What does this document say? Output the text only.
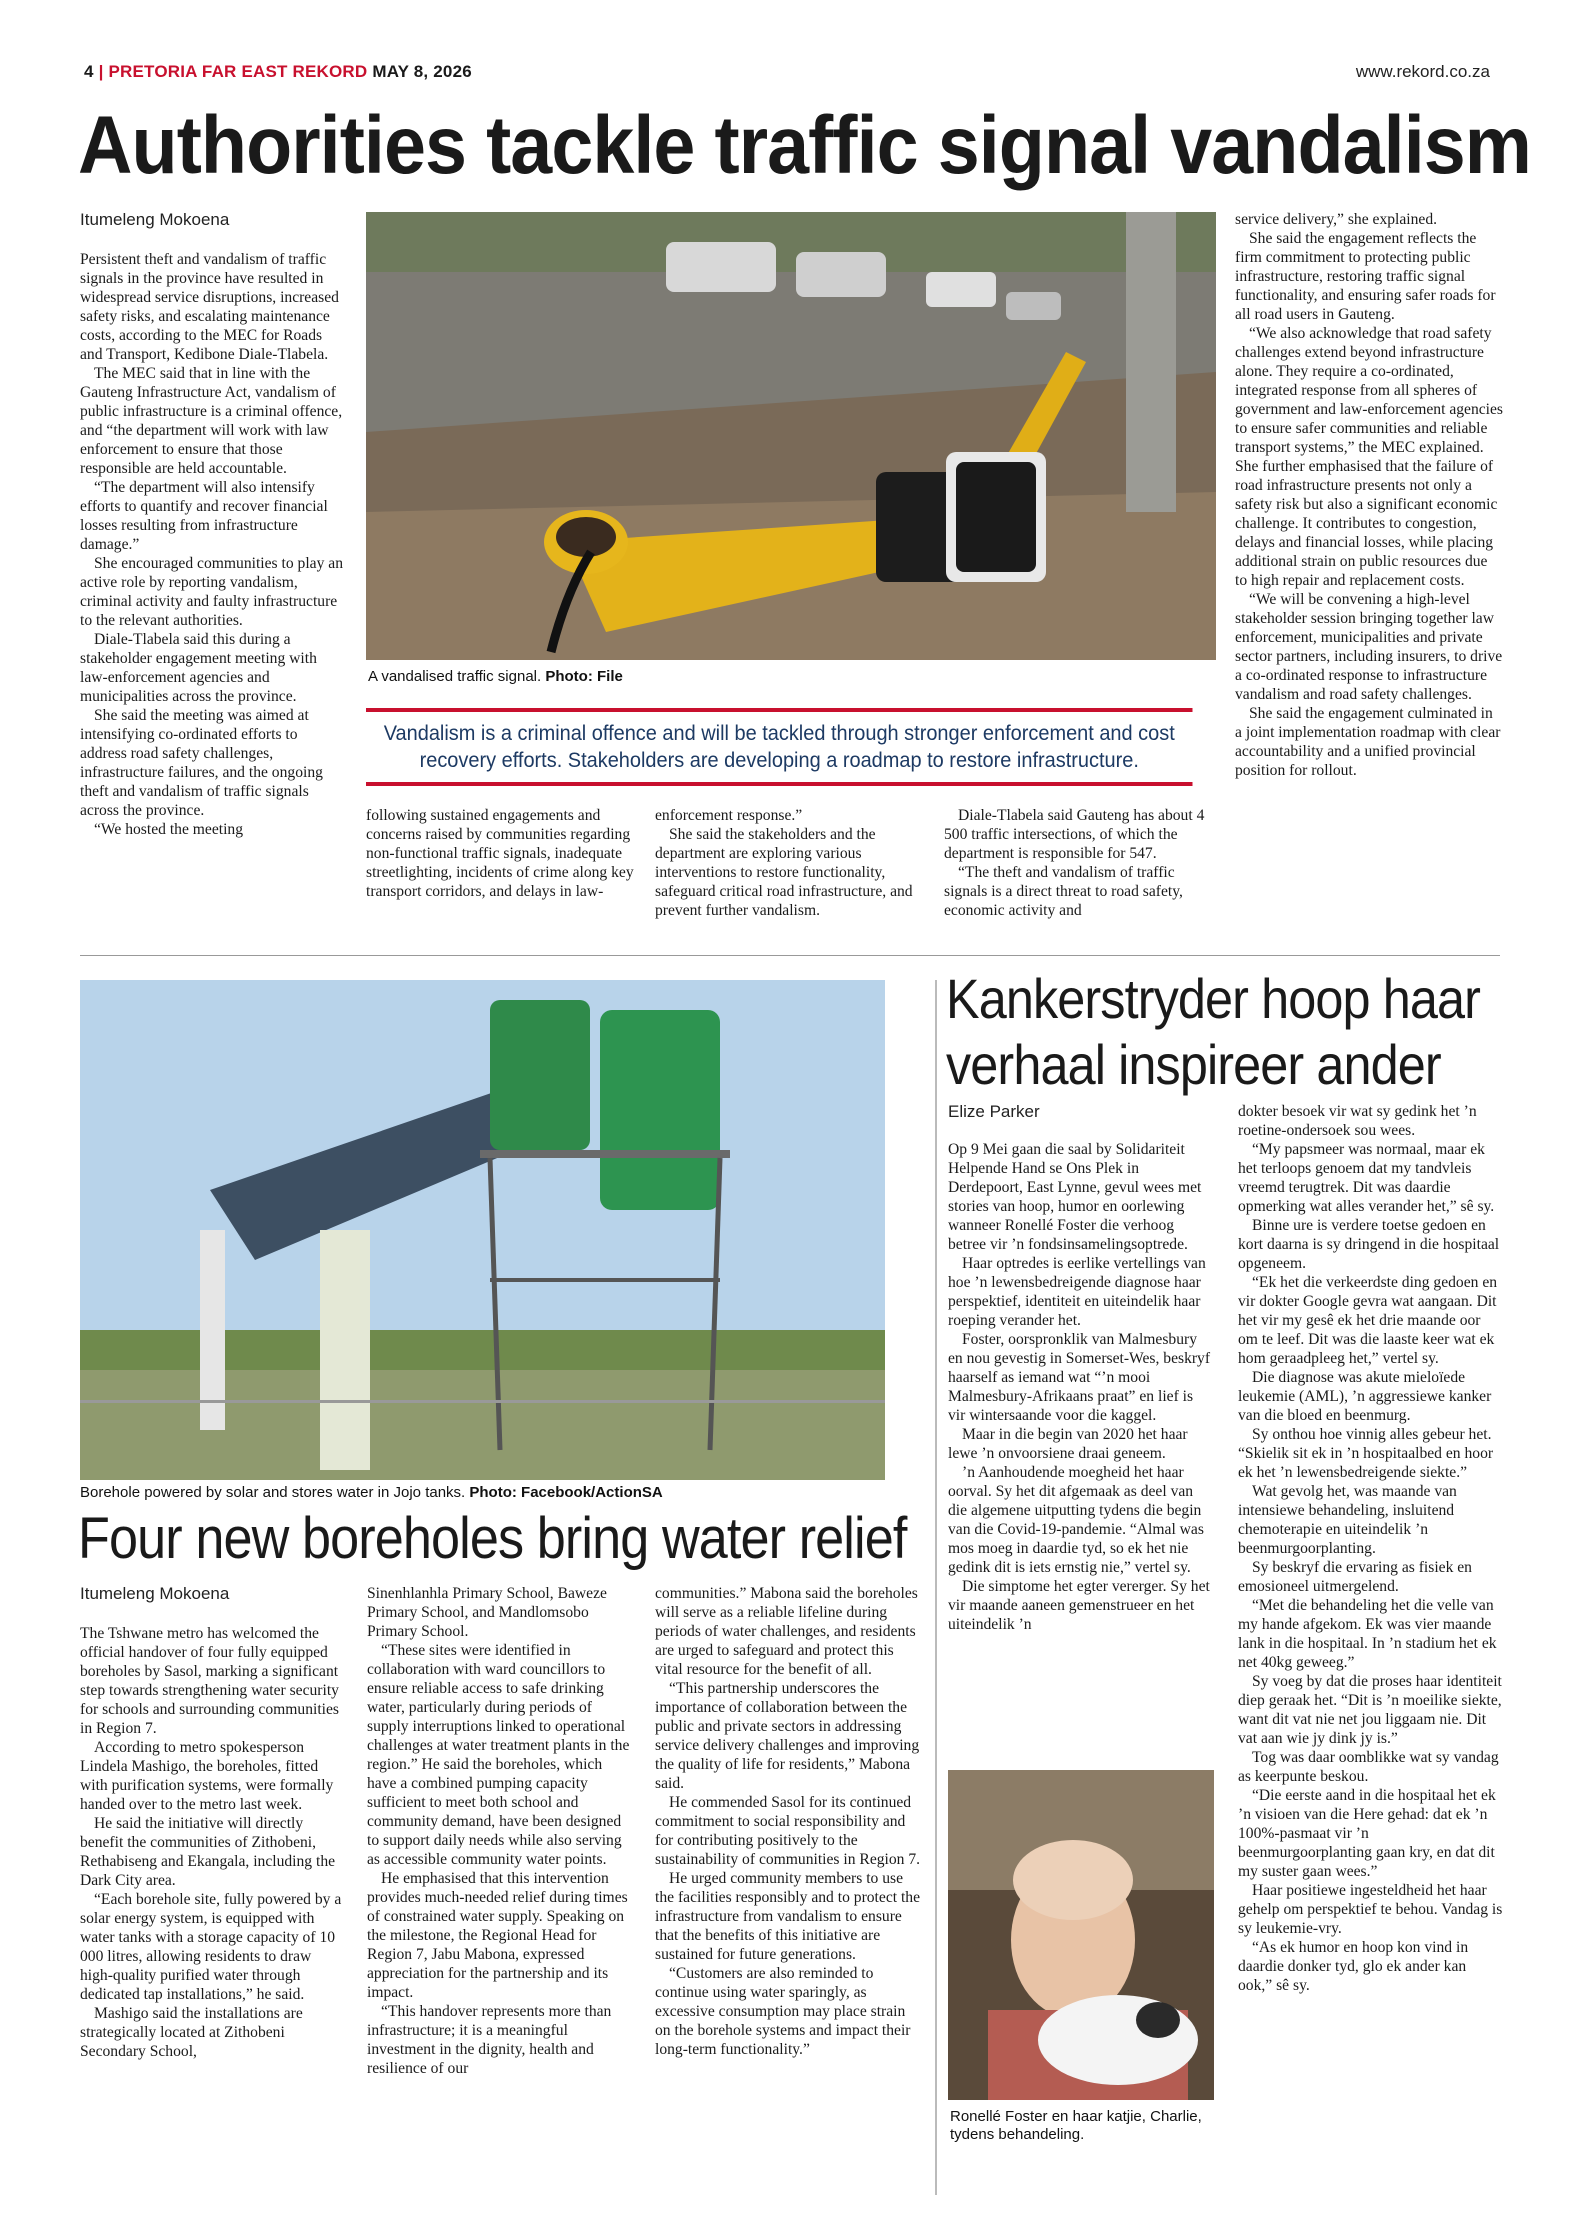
4 | PRETORIA FAR EAST REKORD MAY 8, 2026	www.rekord.co.za
Authorities tackle traffic signal vandalism
Itumeleng Mokoena

Persistent theft and vandalism of traffic signals in the province have resulted in widespread service disruptions, increased safety risks, and escalating maintenance costs, according to the MEC for Roads and Transport, Kedibone Diale-Tlabela.

The MEC said that in line with the Gauteng Infrastructure Act, vandalism of public infrastructure is a criminal offence, and “the department will work with law enforcement to ensure that those responsible are held accountable.

“The department will also intensify efforts to quantify and recover financial losses resulting from infrastructure damage.”

She encouraged communities to play an active role by reporting vandalism, criminal activity and faulty infrastructure to the relevant authorities.

Diale-Tlabela said this during a stakeholder engagement meeting with law-enforcement agencies and municipalities across the province.

She said the meeting was aimed at intensifying co-ordinated efforts to address road safety challenges, infrastructure failures, and the ongoing theft and vandalism of traffic signals across the province.

“We hosted the meeting

A vandalised traffic signal. Photo: File
Vandalism is a criminal offence and will be tackled through stronger enforcement and cost recovery efforts. Stakeholders are developing a roadmap to restore infrastructure.

following sustained engagements and concerns raised by communities regarding non-functional traffic signals, inadequate streetlighting, incidents of crime along key transport corridors, and delays in law-

enforcement response.”

She said the stakeholders and the department are exploring various interventions to restore functionality, safeguard critical road infrastructure, and prevent further vandalism.

Diale-Tlabela said Gauteng has about 4 500 traffic intersections, of which the department is responsible for 547.

“The theft and vandalism of traffic signals is a direct threat to road safety, economic activity and

service delivery,” she explained.

She said the engagement reflects the firm commitment to protecting public infrastructure, restoring traffic signal functionality, and ensuring safer roads for all road users in Gauteng.

“We also acknowledge that road safety challenges extend beyond infrastructure alone. They require a co-ordinated, integrated response from all spheres of government and law-enforcement agencies to ensure safer communities and reliable transport systems,” the MEC explained. She further emphasised that the failure of road infrastructure presents not only a safety risk but also a significant economic challenge. It contributes to congestion, delays and financial losses, while placing additional strain on public resources due to high repair and replacement costs.

“We will be convening a high-level stakeholder session bringing together law enforcement, municipalities and private sector partners, including insurers, to drive a co-ordinated response to infrastructure vandalism and road safety challenges.

She said the engagement culminated in a joint implementation roadmap with clear accountability and a unified provincial position for rollout.

Borehole powered by solar and stores water in Jojo tanks. Photo: Facebook/ActionSA
Four new boreholes bring water relief
Itumeleng Mokoena

The Tshwane metro has welcomed the official handover of four fully equipped boreholes by Sasol, marking a significant step towards strengthening water security for schools and surrounding communities in Region 7.

According to metro spokesperson Lindela Mashigo, the boreholes, fitted with purification systems, were formally handed over to the metro last week.

He said the initiative will directly benefit the communities of Zithobeni, Rethabiseng and Ekangala, including the Dark City area.

“Each borehole site, fully powered by a solar energy system, is equipped with water tanks with a storage capacity of 10 000 litres, allowing residents to draw high-quality purified water through dedicated tap installations,” he said.

Mashigo said the installations are strategically located at Zithobeni Secondary School,

Sinenhlanhla Primary School, Baweze Primary School, and Mandlomsobo Primary School.

“These sites were identified in collaboration with ward councillors to ensure reliable access to safe drinking water, particularly during periods of supply interruptions linked to operational challenges at water treatment plants in the region.” He said the boreholes, which have a combined pumping capacity sufficient to meet both school and community demand, have been designed to support daily needs while also serving as accessible community water points.

He emphasised that this intervention provides much-needed relief during times of constrained water supply. Speaking on the milestone, the Regional Head for Region 7, Jabu Mabona, expressed appreciation for the partnership and its impact.

“This handover represents more than infrastructure; it is a meaningful investment in the dignity, health and resilience of our

communities.” Mabona said the boreholes will serve as a reliable lifeline during periods of water challenges, and residents are urged to safeguard and protect this vital resource for the benefit of all.

“This partnership underscores the importance of collaboration between the public and private sectors in addressing service delivery challenges and improving the quality of life for residents,” Mabona said.

He commended Sasol for its continued commitment to social responsibility and for contributing positively to the sustainability of communities in Region 7.

He urged community members to use the facilities responsibly and to protect the infrastructure from vandalism to ensure that the benefits of this initiative are sustained for future generations.

“Customers are also reminded to continue using water sparingly, as excessive consumption may place strain on the borehole systems and impact their long-term functionality.”

Kankerstryder hoop haar
verhaal inspireer ander
Elize Parker

Op 9 Mei gaan die saal by Solidariteit Helpende Hand se Ons Plek in Derdepoort, East Lynne, gevul wees met stories van hoop, humor en oorlewing wanneer Ronellé Foster die verhoog betree vir ’n fondsinsamelingsoptrede.

Haar optredes is eerlike vertellings van hoe ’n lewensbedreigende diagnose haar perspektief, identiteit en uiteindelik haar roeping verander het.

Foster, oorspronklik van Malmesbury en nou gevestig in Somerset-Wes, beskryf haarself as iemand wat “’n mooi Malmesbury-Afrikaans praat” en lief is vir wintersaande voor die kaggel.

Maar in die begin van 2020 het haar lewe ’n onvoorsiene draai geneem.

’n Aanhoudende moegheid het haar oorval. Sy het dit afgemaak as deel van die algemene uitputting tydens die begin van die Covid-19-pandemie. “Almal was mos moeg in daardie tyd, so ek het nie gedink dit is iets ernstig nie,” vertel sy.

Die simptome het egter vererger. Sy het vir maande aaneen gemenstrueer en het uiteindelik ’n

Ronellé Foster en haar katjie, Charlie, tydens behandeling.

dokter besoek vir wat sy gedink het ’n roetine-ondersoek sou wees.

“My papsmeer was normaal, maar ek het terloops genoem dat my tandvleis vreemd terugtrek. Dit was daardie opmerking wat alles verander het,” sê sy.

Binne ure is verdere toetse gedoen en kort daarna is sy dringend in die hospitaal opgeneem.

“Ek het die verkeerdste ding gedoen en vir dokter Google gevra wat aangaan. Dit het vir my gesê ek het drie maande oor om te leef. Dit was die laaste keer wat ek hom geraadpleeg het,” vertel sy.

Die diagnose was akute mieloïede leukemie (AML), ’n aggressiewe kanker van die bloed en beenmurg.

Sy onthou hoe vinnig alles gebeur het. “Skielik sit ek in ’n hospitaalbed en hoor ek het ’n lewensbedreigende siekte.”

Wat gevolg het, was maande van intensiewe behandeling, insluitend chemoterapie en uiteindelik ’n beenmurgoorplanting.

Sy beskryf die ervaring as fisiek en emosioneel uitmergelend.

“Met die behandeling het die velle van my hande afgekom. Ek was vier maande lank in die hospitaal. In ’n stadium het ek net 40kg geweeg.”

Sy voeg by dat die proses haar identiteit diep geraak het. “Dit is ’n moeilike siekte, want dit vat nie net jou liggaam nie. Dit vat aan wie jy dink jy is.”

Tog was daar oomblikke wat sy vandag as keerpunte beskou.

“Die eerste aand in die hospitaal het ek ’n visioen van die Here gehad: dat ek ’n 100%-pasmaat vir ’n beenmurgoorplanting gaan kry, en dat dit my suster gaan wees.”

Haar positiewe ingesteldheid het haar gehelp om perspektief te behou. Vandag is sy leukemie-vry.

“As ek humor en hoop kon vind in daardie donker tyd, glo ek ander kan ook,” sê sy.
